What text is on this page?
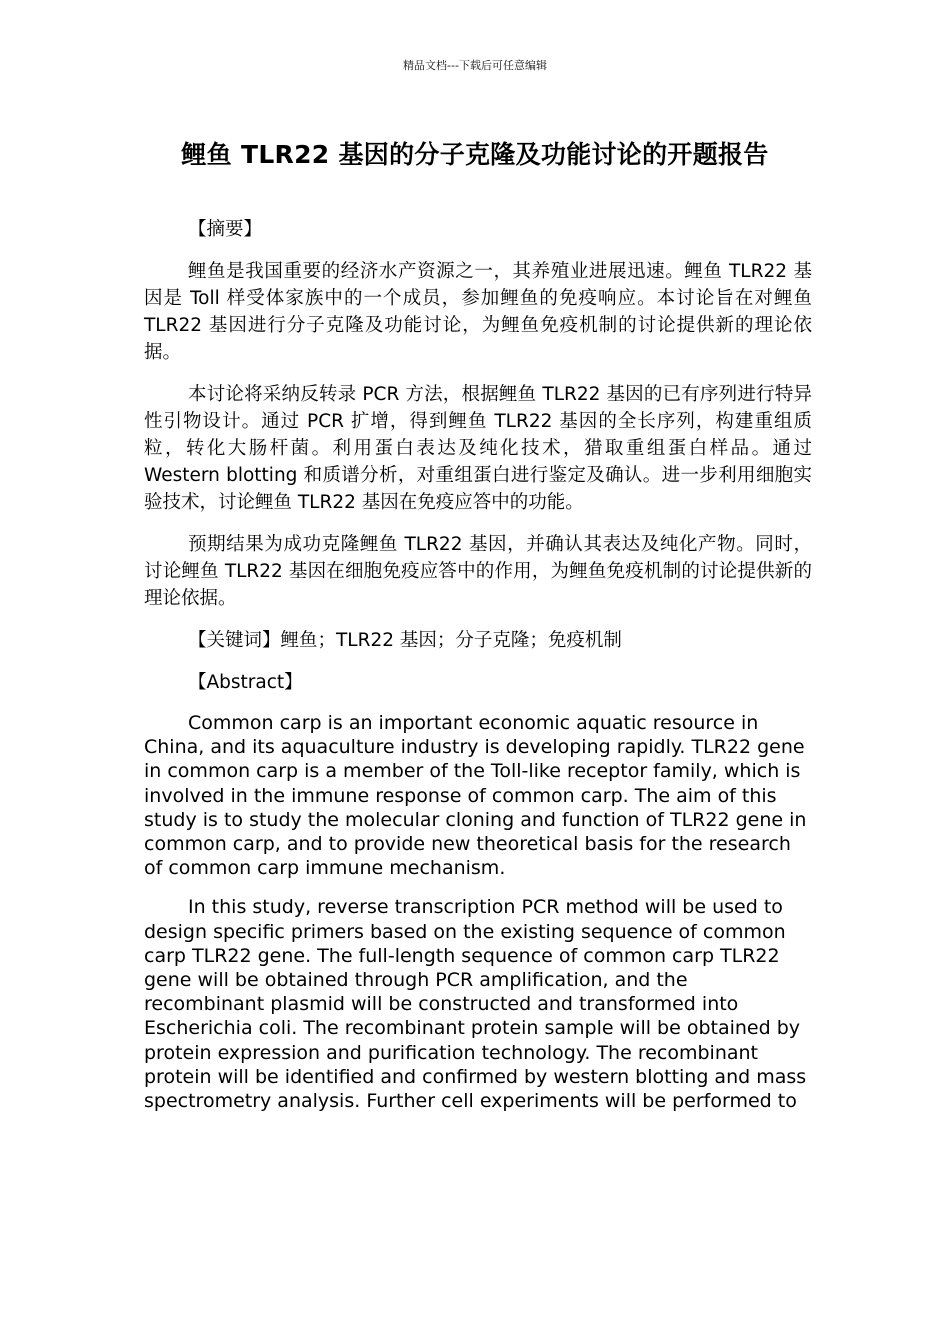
精品文档---下载后可任意编辑
鲤鱼 TLR22 基因的分子克隆及功能讨论的开题报告

【摘要】

鲤鱼是我国重要的经济水产资源之一，其养殖业进展迅速。鲤鱼 TLR22 基因是 Toll 样受体家族中的一个成员，参加鲤鱼的免疫响应。本讨论旨在对鲤鱼 TLR22 基因进行分子克隆及功能讨论，为鲤鱼免疫机制的讨论提供新的理论依据。

本讨论将采纳反转录 PCR 方法，根据鲤鱼 TLR22 基因的已有序列进行特异性引物设计。通过 PCR 扩增，得到鲤鱼 TLR22 基因的全长序列，构建重组质粒，转化大肠杆菌。利用蛋白表达及纯化技术，猎取重组蛋白样品。通过 Western blotting 和质谱分析，对重组蛋白进行鉴定及确认。进一步利用细胞实验技术，讨论鲤鱼 TLR22 基因在免疫应答中的功能。

预期结果为成功克隆鲤鱼 TLR22 基因，并确认其表达及纯化产物。同时，讨论鲤鱼 TLR22 基因在细胞免疫应答中的作用，为鲤鱼免疫机制的讨论提供新的理论依据。

【关键词】鲤鱼；TLR22 基因；分子克隆；免疫机制

【Abstract】

Common carp is an important economic aquatic resource in China, and its aquaculture industry is developing rapidly. TLR22 gene in common carp is a member of the Toll-like receptor family, which is involved in the immune response of common carp. The aim of this study is to study the molecular cloning and function of TLR22 gene in common carp, and to provide new theoretical basis for the research of common carp immune mechanism.

In this study, reverse transcription PCR method will be used to design specific primers based on the existing sequence of common carp TLR22 gene. The full-length sequence of common carp TLR22 gene will be obtained through PCR amplification, and the recombinant plasmid will be constructed and transformed into Escherichia coli. The recombinant protein sample will be obtained by protein expression and purification technology. The recombinant protein will be identified and confirmed by western blotting and mass spectrometry analysis. Further cell experiments will be performed to
